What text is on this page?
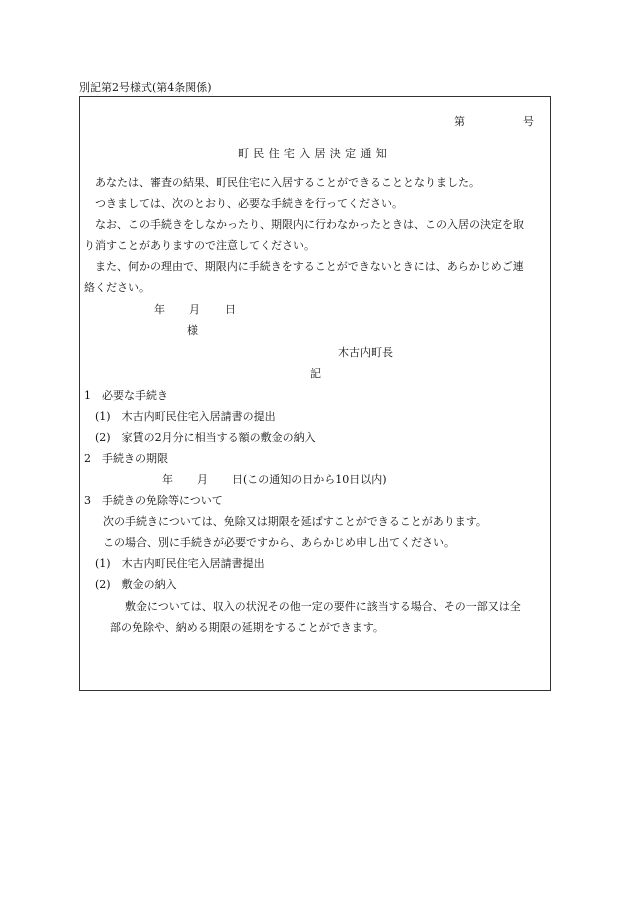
別記第2号様式(第4条関係)
第	号
町民住宅入居決定通知
あなたは、審査の結果、町民住宅に入居することができることとなりました。
つきましては、次のとおり、必要な手続きを行ってください。
なお、この手続きをしなかったり、期限内に行わなかったときは、この入居の決定を取
り消すことがありますので注意してください。
また、何かの理由で、期限内に手続きをすることができないときには、あらかじめご連
絡ください。
年 月 日
様
木古内町長
記
1　必要な手続き
(1)　木古内町民住宅入居請書の提出
(2)　家賃の2月分に相当する額の敷金の納入
2　手続きの期限
年 月 日(この通知の日から10日以内)
3　手続きの免除等について
次の手続きについては、免除又は期限を延ばすことができることがあります。
この場合、別に手続きが必要ですから、あらかじめ申し出てください。
(1)　木古内町民住宅入居請書提出
(2)　敷金の納入
敷金については、収入の状況その他一定の要件に該当する場合、その一部又は全
部の免除や、納める期限の延期をすることができます。
